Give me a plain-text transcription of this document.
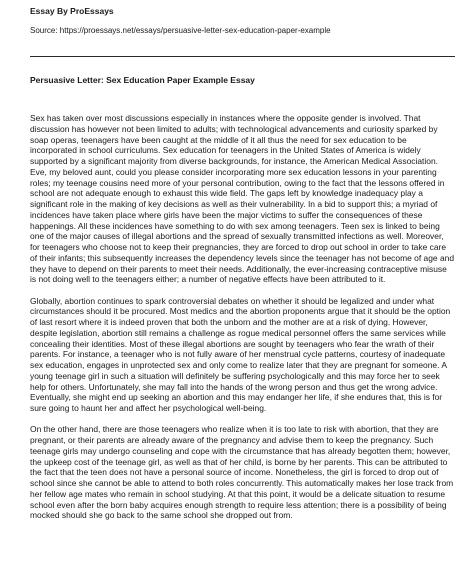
Essay By ProEssays
Source: https://proessays.net/essays/persuasive-letter-sex-education-paper-example
Persuasive Letter: Sex Education Paper Example Essay

Sex has taken over most discussions especially in instances where the opposite gender is involved. That discussion has however not been limited to adults; with technological advancements and curiosity sparked by soap operas, teenagers have been caught at the middle of it all thus the need for sex education to be incorporated in school curriculums. Sex education for teenagers in the United States of America is widely supported by a significant majority from diverse backgrounds, for instance, the American Medical Association. Eve, my beloved aunt, could you please consider incorporating more sex education lessons in your parenting roles; my teenage cousins need more of your personal contribution, owing to the fact that the lessons offered in school are not adequate enough to exhaust this wide field. The gaps left by knowledge inadequacy play a significant role in the making of key decisions as well as their vulnerability. In a bid to support this; a myriad of incidences have taken place where girls have been the major victims to suffer the consequences of these happenings. All these incidences have something to do with sex among teenagers. Teen sex is linked to being one of the major causes of illegal abortions and the spread of sexually transmitted infections as well. Moreover, for teenagers who choose not to keep their pregnancies, they are forced to drop out school in order to take care of their infants; this subsequently increases the dependency levels since the teenager has not become of age and they have to depend on their parents to meet their needs. Additionally, the ever-increasing contraceptive misuse is not doing well to the teenagers either; a number of negative effects have been attributed to it.

Globally, abortion continues to spark controversial debates on whether it should be legalized and under what circumstances should it be procured. Most medics and the abortion proponents argue that it should be the option of last resort where it is indeed proven that both the unborn and the mother are at a risk of dying. However, despite legislation, abortion still remains a challenge as rogue medical personnel offers the same services while concealing their identities. Most of these illegal abortions are sought by teenagers who fear the wrath of their parents. For instance, a teenager who is not fully aware of her menstrual cycle patterns, courtesy of inadequate sex education, engages in unprotected sex and only come to realize later that they are pregnant for someone. A young teenage girl in such a situation will definitely be suffering psychologically and this may force her to seek help for others. Unfortunately, she may fall into the hands of the wrong person and thus get the wrong advice. Eventually, she might end up seeking an abortion and this may endanger her life, if she endures that, this is for sure going to haunt her and affect her psychological well-being.

On the other hand, there are those teenagers who realize when it is too late to risk with abortion, that they are pregnant, or their parents are already aware of the pregnancy and advise them to keep the pregnancy. Such teenage girls may undergo counseling and cope with the circumstance that has already begotten them; however, the upkeep cost of the teenage girl, as well as that of her child, is borne by her parents. This can be attributed to the fact that the teen does not have a personal source of income. Nonetheless, the girl is forced to drop out of school since she cannot be able to attend to both roles concurrently. This automatically makes her lose track from her fellow age mates who remain in school studying. At that this point, it would be a delicate situation to resume school even after the born baby acquires enough strength to require less attention; there is a possibility of being mocked should she go back to the same school she dropped out from.
